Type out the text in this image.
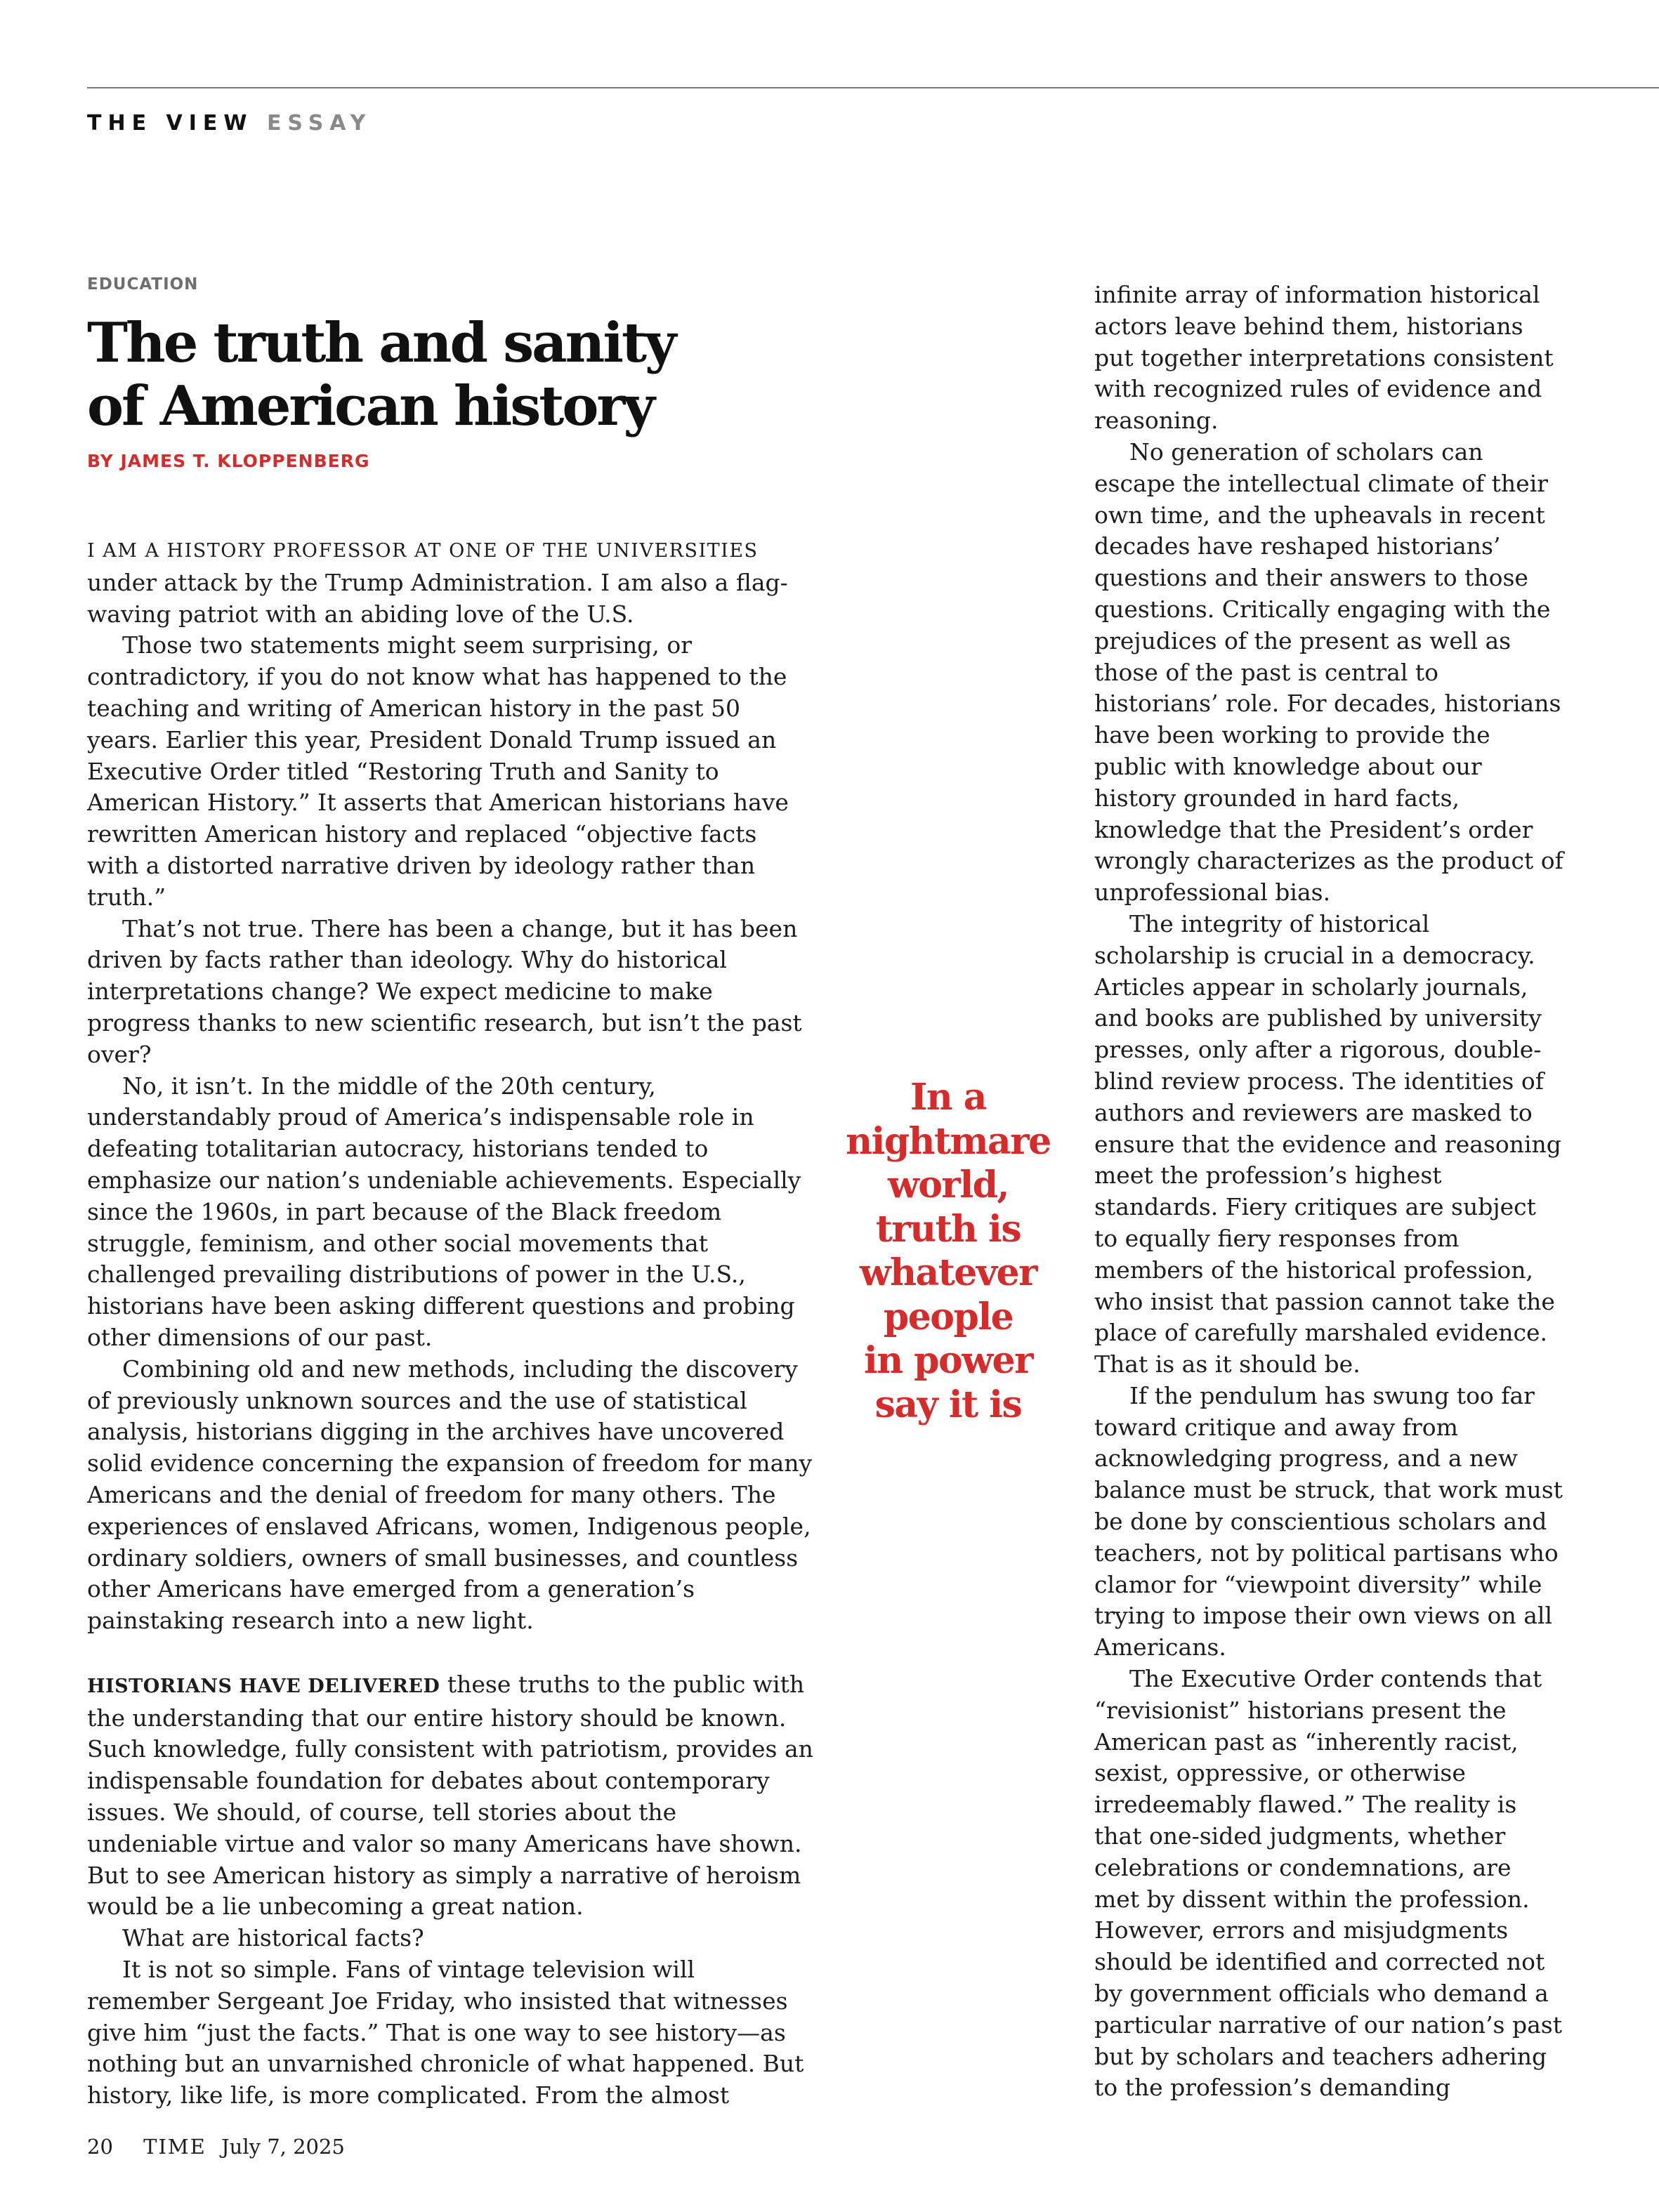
THE VIEW ESSAY
EDUCATION
The truth and sanity
of American history
BY JAMES T. KLOPPENBERG

I AM A HISTORY PROFESSOR AT ONE OF THE UNIVERSITIES under attack by the Trump Administration. I am also a flag-waving patriot with an abiding love of the U.S.

Those two statements might seem surprising, or contradictory, if you do not know what has happened to the teaching and writing of American history in the past 50 years. Earlier this year, President Donald Trump issued an Executive Order titled “Restoring Truth and Sanity to American History.” It asserts that American historians have rewritten American history and replaced “objective facts with a distorted narrative driven by ideology rather than truth.”

That’s not true. There has been a change, but it has been driven by facts rather than ideology. Why do historical interpretations change? We expect medicine to make progress thanks to new scientific research, but isn’t the past over?

No, it isn’t. In the middle of the 20th century, understandably proud of America’s indispensable role in defeating totalitarian autocracy, historians tended to emphasize our nation’s undeniable achievements. Especially since the 1960s, in part because of the Black freedom struggle, feminism, and other social movements that challenged prevailing distributions of power in the U.S., historians have been asking different questions and probing other dimensions of our past.

Combining old and new methods, including the discovery of previously unknown sources and the use of statistical analysis, historians digging in the archives have uncovered solid evidence concerning the expansion of freedom for many Americans and the denial of freedom for many others. The experiences of enslaved Africans, women, Indigenous people, ordinary soldiers, owners of small businesses, and countless other Americans have emerged from a generation’s painstaking research into a new light.

HISTORIANS HAVE DELIVERED these truths to the public with the understanding that our entire history should be known. Such knowledge, fully consistent with patriotism, provides an indispensable foundation for debates about contemporary issues. We should, of course, tell stories about the undeniable virtue and valor so many Americans have shown. But to see American history as simply a narrative of heroism would be a lie unbecoming a great nation.

What are historical facts?

It is not so simple. Fans of vintage television will remember Sergeant Joe Friday, who insisted that witnesses give him “just the facts.” That is one way to see history—as nothing but an unvarnished chronicle of what happened. But history, like life, is more complicated. From the almost

In a
nightmare
world,
truth is
whatever
people
in power
say it is

infinite array of information historical actors leave behind them, historians put together interpretations consistent with recognized rules of evidence and reasoning.

No generation of scholars can escape the intellectual climate of their own time, and the upheavals in recent decades have reshaped historians’ questions and their answers to those questions. Critically engaging with the prejudices of the present as well as those of the past is central to historians’ role. For decades, historians have been working to provide the public with knowledge about our history grounded in hard facts, knowledge that the President’s order wrongly characterizes as the product of unprofessional bias.

The integrity of historical scholarship is crucial in a democracy. Articles appear in scholarly journals, and books are published by university presses, only after a rigorous, double-blind review process. The identities of authors and reviewers are masked to ensure that the evidence and reasoning meet the profession’s highest standards. Fiery critiques are subject to equally fiery responses from members of the historical profession, who insist that passion cannot take the place of carefully marshaled evidence. That is as it should be.

If the pendulum has swung too far toward critique and away from acknowledging progress, and a new balance must be struck, that work must be done by conscientious scholars and teachers, not by political partisans who clamor for “viewpoint diversity” while trying to impose their own views on all Americans.

The Executive Order contends that “revisionist” historians present the American past as “inherently racist, sexist, oppressive, or otherwise irredeemably flawed.” The reality is that one-sided judgments, whether celebrations or condemnations, are met by dissent within the profession. However, errors and misjudgments should be identified and corrected not by government officials who demand a particular narrative of our nation’s past but by scholars and teachers adhering to the profession’s demanding

20 TIME July 7, 2025
